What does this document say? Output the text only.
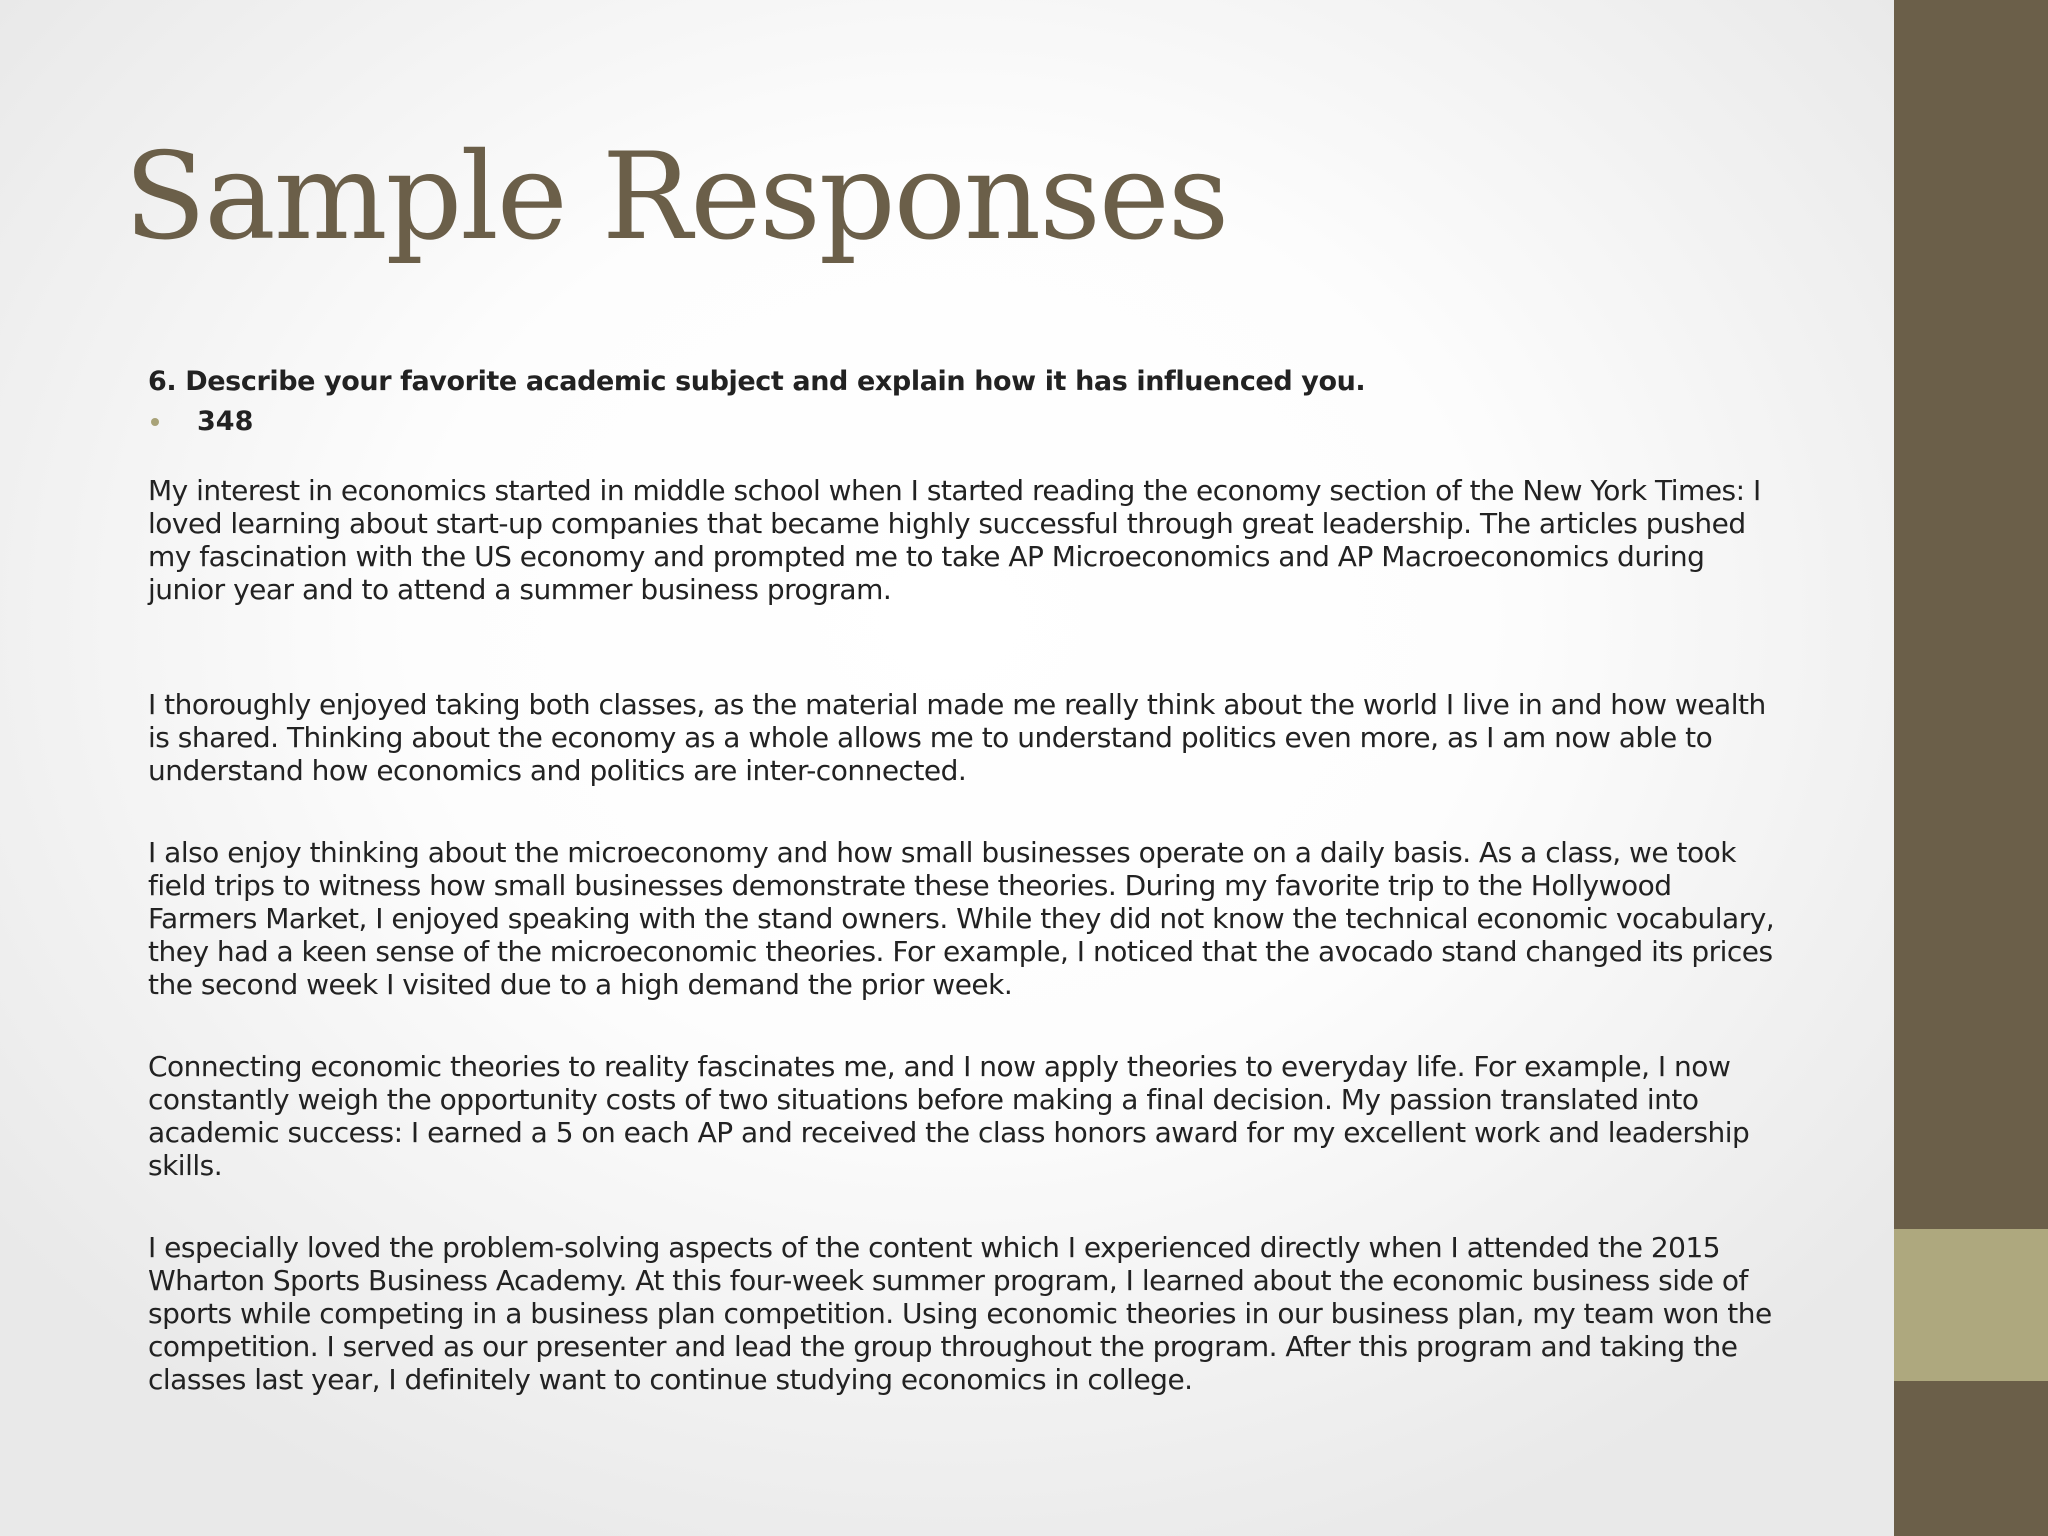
Sample Responses

6. Describe your favorite academic subject and explain how it has influenced you.

348

My interest in economics started in middle school when I started reading the economy section of the New York Times: I loved learning about start-up companies that became highly successful through great leadership. The articles pushed my fascination with the US economy and prompted me to take AP Microeconomics and AP Macroeconomics during junior year and to attend a summer business program.

I thoroughly enjoyed taking both classes, as the material made me really think about the world I live in and how wealth is shared. Thinking about the economy as a whole allows me to understand politics even more, as I am now able to understand how economics and politics are inter-connected.

I also enjoy thinking about the microeconomy and how small businesses operate on a daily basis. As a class, we took field trips to witness how small businesses demonstrate these theories. During my favorite trip to the Hollywood Farmers Market, I enjoyed speaking with the stand owners. While they did not know the technical economic vocabulary, they had a keen sense of the microeconomic theories. For example, I noticed that the avocado stand changed its prices the second week I visited due to a high demand the prior week.

Connecting economic theories to reality fascinates me, and I now apply theories to everyday life. For example, I now constantly weigh the opportunity costs of two situations before making a final decision. My passion translated into academic success: I earned a 5 on each AP and received the class honors award for my excellent work and leadership skills.

I especially loved the problem-solving aspects of the content which I experienced directly when I attended the 2015 Wharton Sports Business Academy. At this four-week summer program, I learned about the economic business side of sports while competing in a business plan competition. Using economic theories in our business plan, my team won the competition. I served as our presenter and lead the group throughout the program. After this program and taking the classes last year, I definitely want to continue studying economics in college.
